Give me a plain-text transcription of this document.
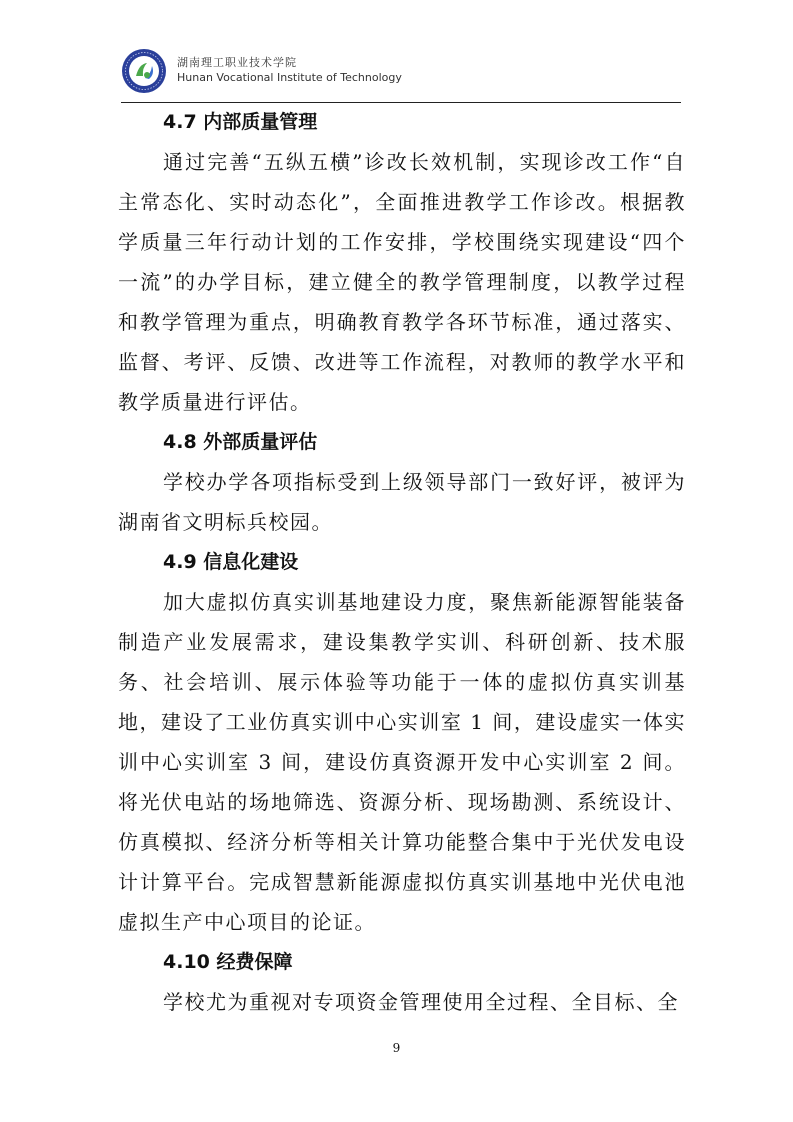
湖南理工职业技术学院
Hunan Vocational Institute of Technology
4.7 内部质量管理

通过完善“五纵五横”诊改长效机制，实现诊改工作“自主常态化、实时动态化”，全面推进教学工作诊改。根据教学质量三年行动计划的工作安排，学校围绕实现建设“四个一流”的办学目标，建立健全的教学管理制度，以教学过程和教学管理为重点，明确教育教学各环节标准，通过落实、监督、考评、反馈、改进等工作流程，对教师的教学水平和教学质量进行评估。

4.8 外部质量评估

学校办学各项指标受到上级领导部门一致好评，被评为湖南省文明标兵校园。

4.9 信息化建设

加大虚拟仿真实训基地建设力度，聚焦新能源智能装备制造产业发展需求，建设集教学实训、科研创新、技术服务、社会培训、展示体验等功能于一体的虚拟仿真实训基地，建设了工业仿真实训中心实训室 1 间，建设虚实一体实训中心实训室 3 间，建设仿真资源开发中心实训室 2 间。将光伏电站的场地筛选、资源分析、现场勘测、系统设计、仿真模拟、经济分析等相关计算功能整合集中于光伏发电设计计算平台。完成智慧新能源虚拟仿真实训基地中光伏电池虚拟生产中心项目的论证。

4.10 经费保障

学校尤为重视对专项资金管理使用全过程、全目标、全

9
